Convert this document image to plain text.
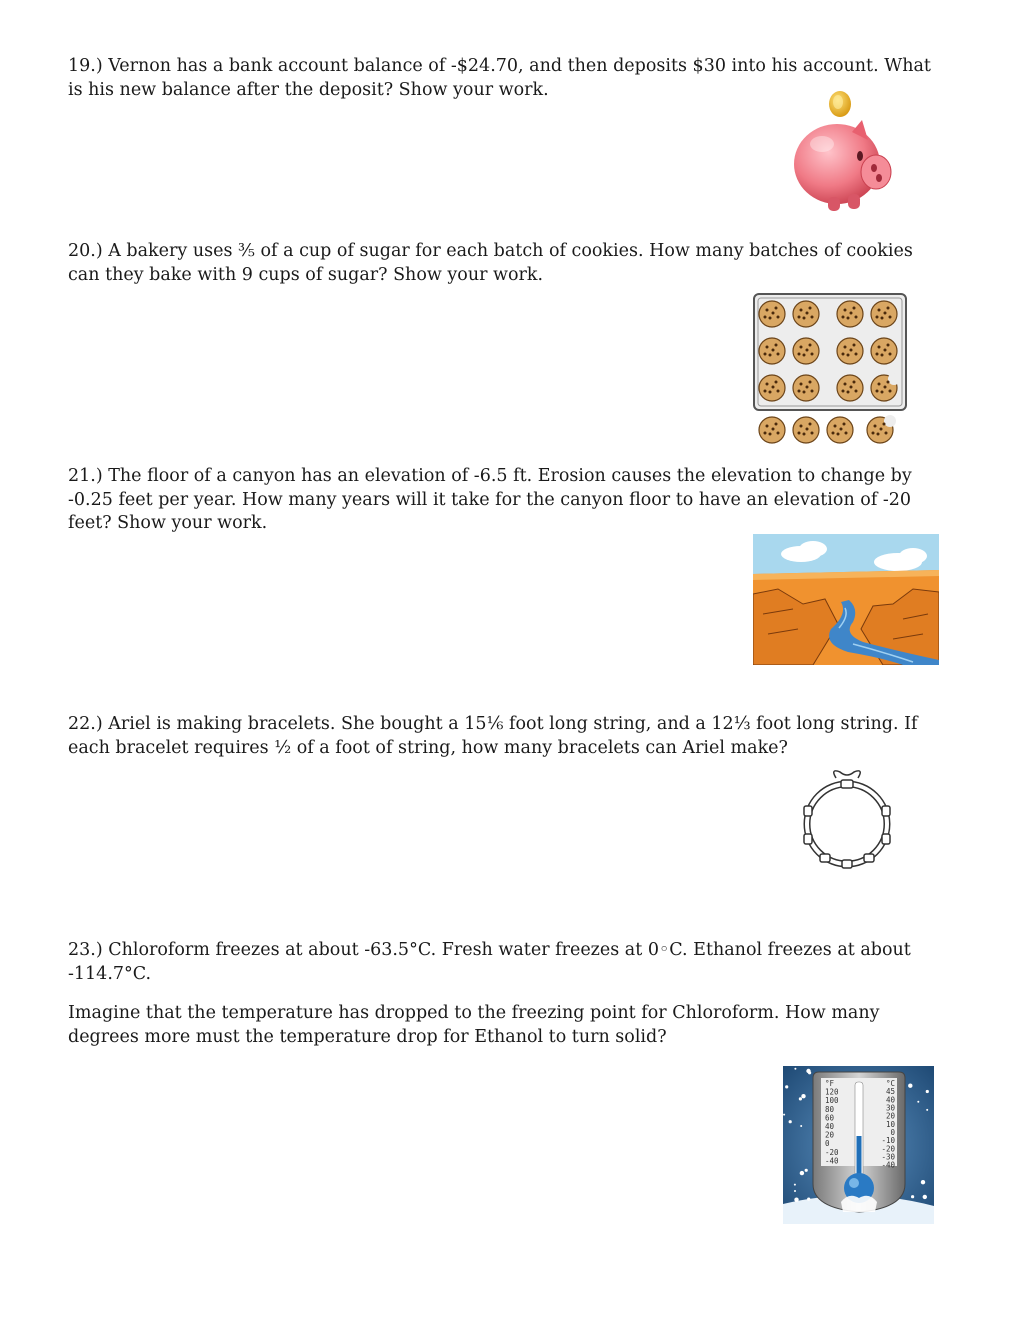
19.) Vernon has a bank account balance of -$24.70, and then deposits $30 into his account. What is his new balance after the deposit? Show your work.

20.) A bakery uses ⅗ of a cup of sugar for each batch of cookies. How many batches of cookies can they bake with 9 cups of sugar? Show your work.

21.) The floor of a canyon has an elevation of -6.5 ft. Erosion causes the elevation to change by -0.25 feet per year. How many years will it take for the canyon floor to have an elevation of -20 feet? Show your work.

22.) Ariel is making bracelets. She bought a 15⅙ foot long string, and a 12⅓ foot long string. If each bracelet requires ½ of a foot of string, how many bracelets can Ariel make?

23.) Chloroform freezes at about -63.5°C. Fresh water freezes at 0◦C. Ethanol freezes at about -114.7°C.

Imagine that the temperature has dropped to the freezing point for Chloroform. How many degrees more must the temperature drop for Ethanol to turn solid?

°F
120
100
80
60
40
20
0
-20
-40
°C
45
40
30
20
10
0
-10
-20
-30
-40
